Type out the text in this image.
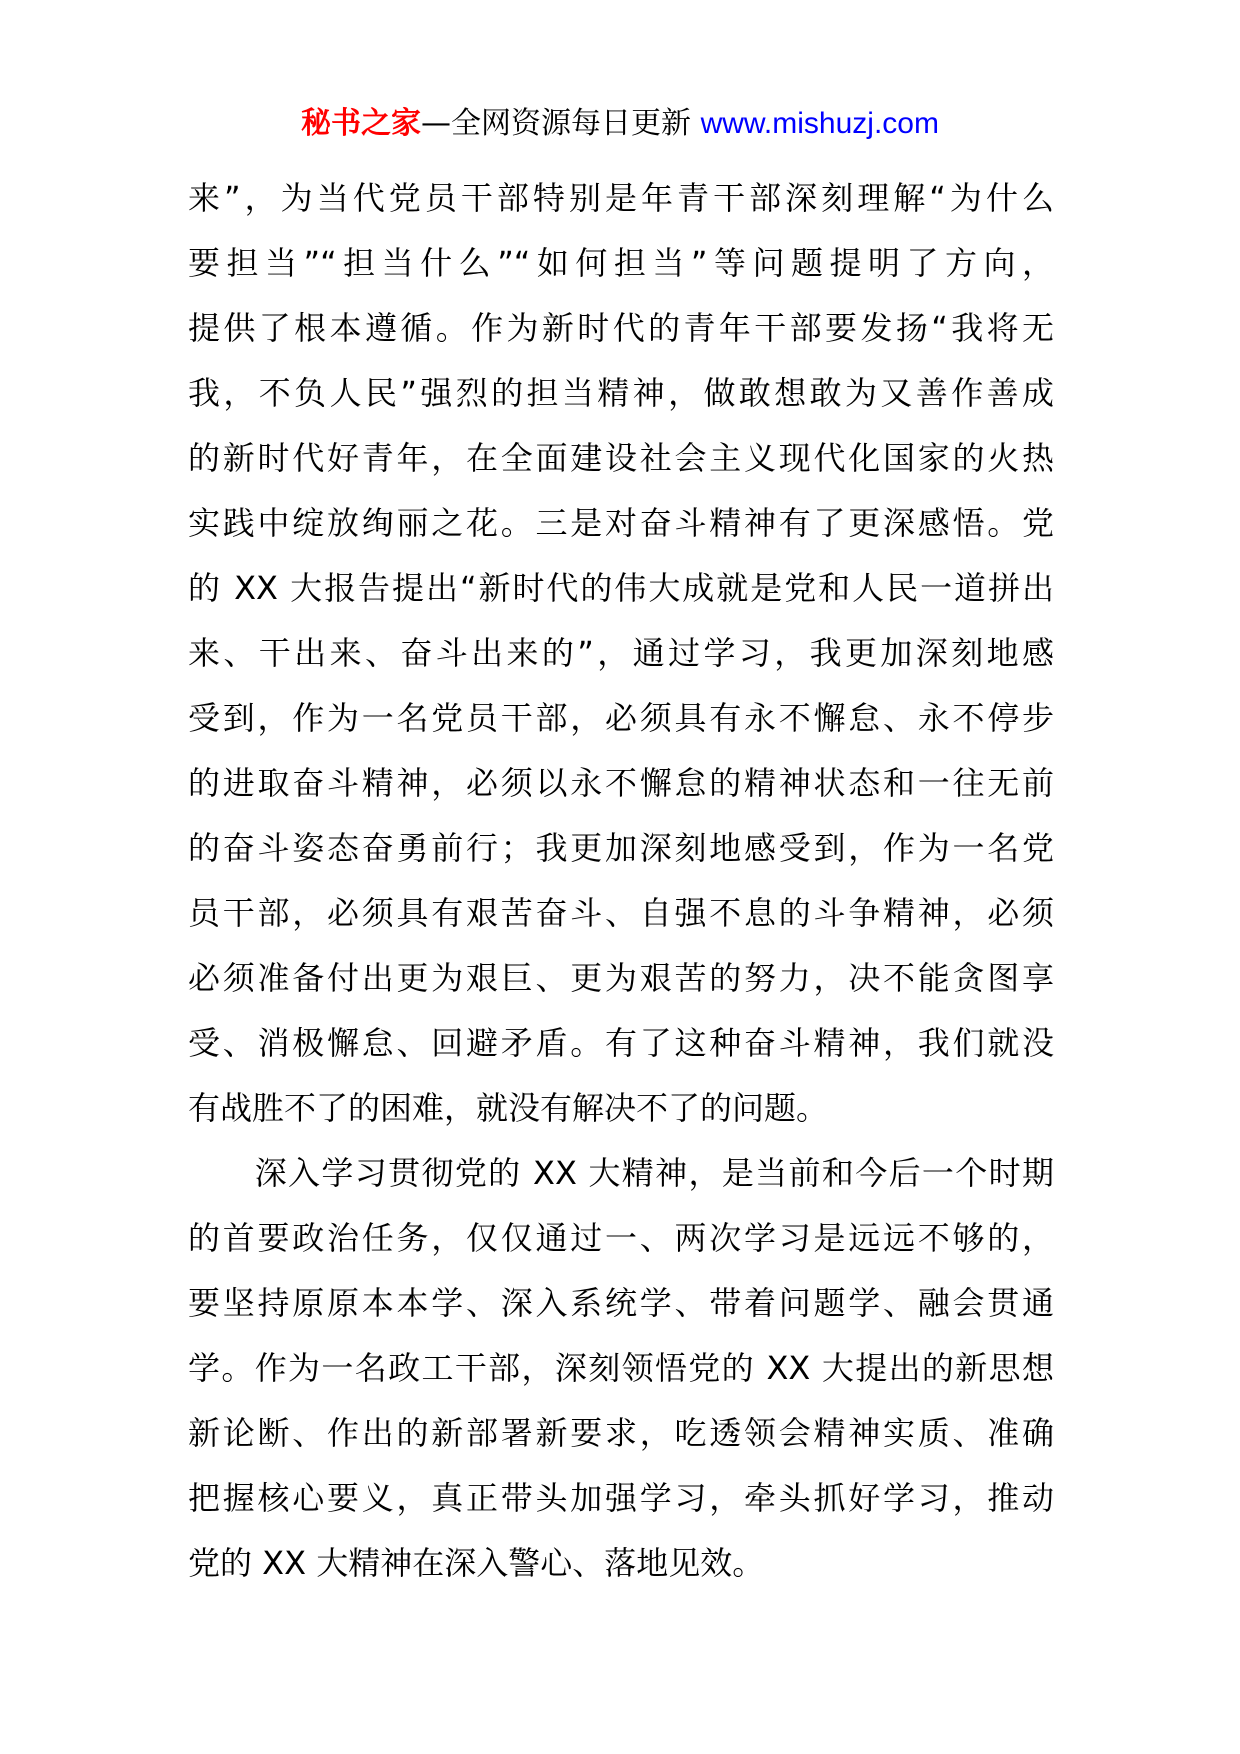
秘书之家—全网资源每日更新 www.mishuzj.com
来”，为当代党员干部特别是年青干部深刻理解“为什么
要担当”“担当什么”“如何担当”等问题提明了方向，
提供了根本遵循。作为新时代的青年干部要发扬“我将无
我，不负人民”强烈的担当精神，做敢想敢为又善作善成
的新时代好青年，在全面建设社会主义现代化国家的火热
实践中绽放绚丽之花。三是对奋斗精神有了更深感悟。党
的 XX 大报告提出“新时代的伟大成就是党和人民一道拼出
来、干出来、奋斗出来的”，通过学习，我更加深刻地感
受到，作为一名党员干部，必须具有永不懈怠、永不停步
的进取奋斗精神，必须以永不懈怠的精神状态和一往无前
的奋斗姿态奋勇前行；我更加深刻地感受到，作为一名党
员干部，必须具有艰苦奋斗、自强不息的斗争精神，必须
必须准备付出更为艰巨、更为艰苦的努力，决不能贪图享
受、消极懈怠、回避矛盾。有了这种奋斗精神，我们就没
有战胜不了的困难，就没有解决不了的问题。
　　深入学习贯彻党的 XX 大精神，是当前和今后一个时期
的首要政治任务，仅仅通过一、两次学习是远远不够的，
要坚持原原本本学、深入系统学、带着问题学、融会贯通
学。作为一名政工干部，深刻领悟党的 XX 大提出的新思想
新论断、作出的新部署新要求，吃透领会精神实质、准确
把握核心要义，真正带头加强学习，牵头抓好学习，推动
党的 XX 大精神在深入警心、落地见效。
